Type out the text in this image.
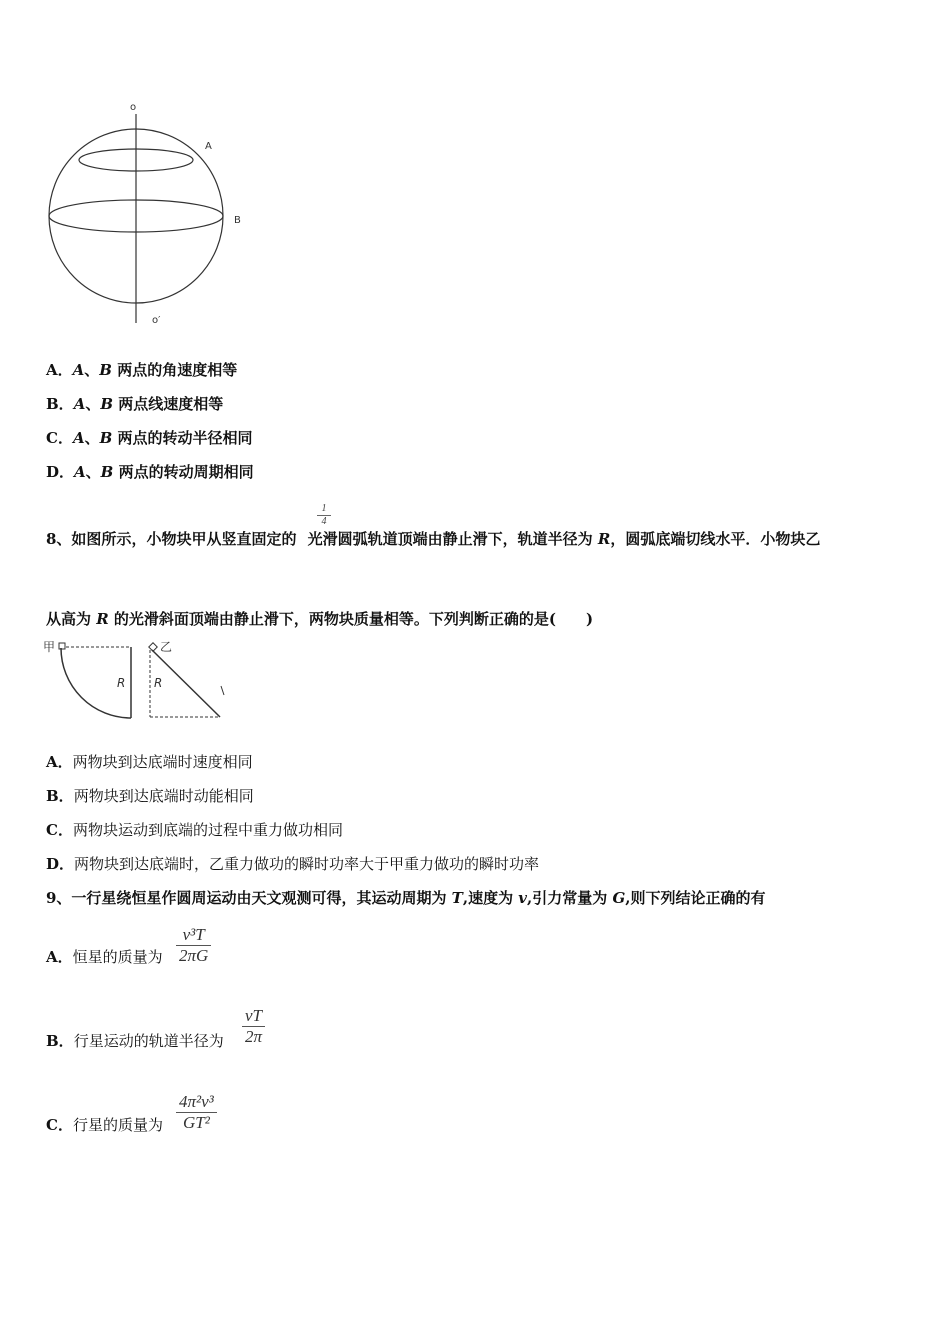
o
A
B
o′
A．A、B 两点的角速度相等
B．A、B 两点线速度相等
C．A、B 两点的转动半径相同
D．A、B 两点的转动周期相同
1
4
8、如图所示，小物块甲从竖直固定的 光滑圆弧轨道顶端由静止滑下，轨道半径为 R，圆弧底端切线水平．小物块乙
从高为 R 的光滑斜面顶端由静止滑下，两物块质量相等。下列判断正确的是(　　)
甲
R
乙
R
A．两物块到达底端时速度相同
B．两物块到达底端时动能相同
C．两物块运动到底端的过程中重力做功相同
D．两物块到达底端时，乙重力做功的瞬时功率大于甲重力做功的瞬时功率
9、一行星绕恒星作圆周运动由天文观测可得，其运动周期为 T,速度为 v,引力常量为 G,则下列结论正确的有
A．恒星的质量为
v³T
2πG
B．行星运动的轨道半径为
vT
2π
C．行星的质量为
4π²v³
GT²
